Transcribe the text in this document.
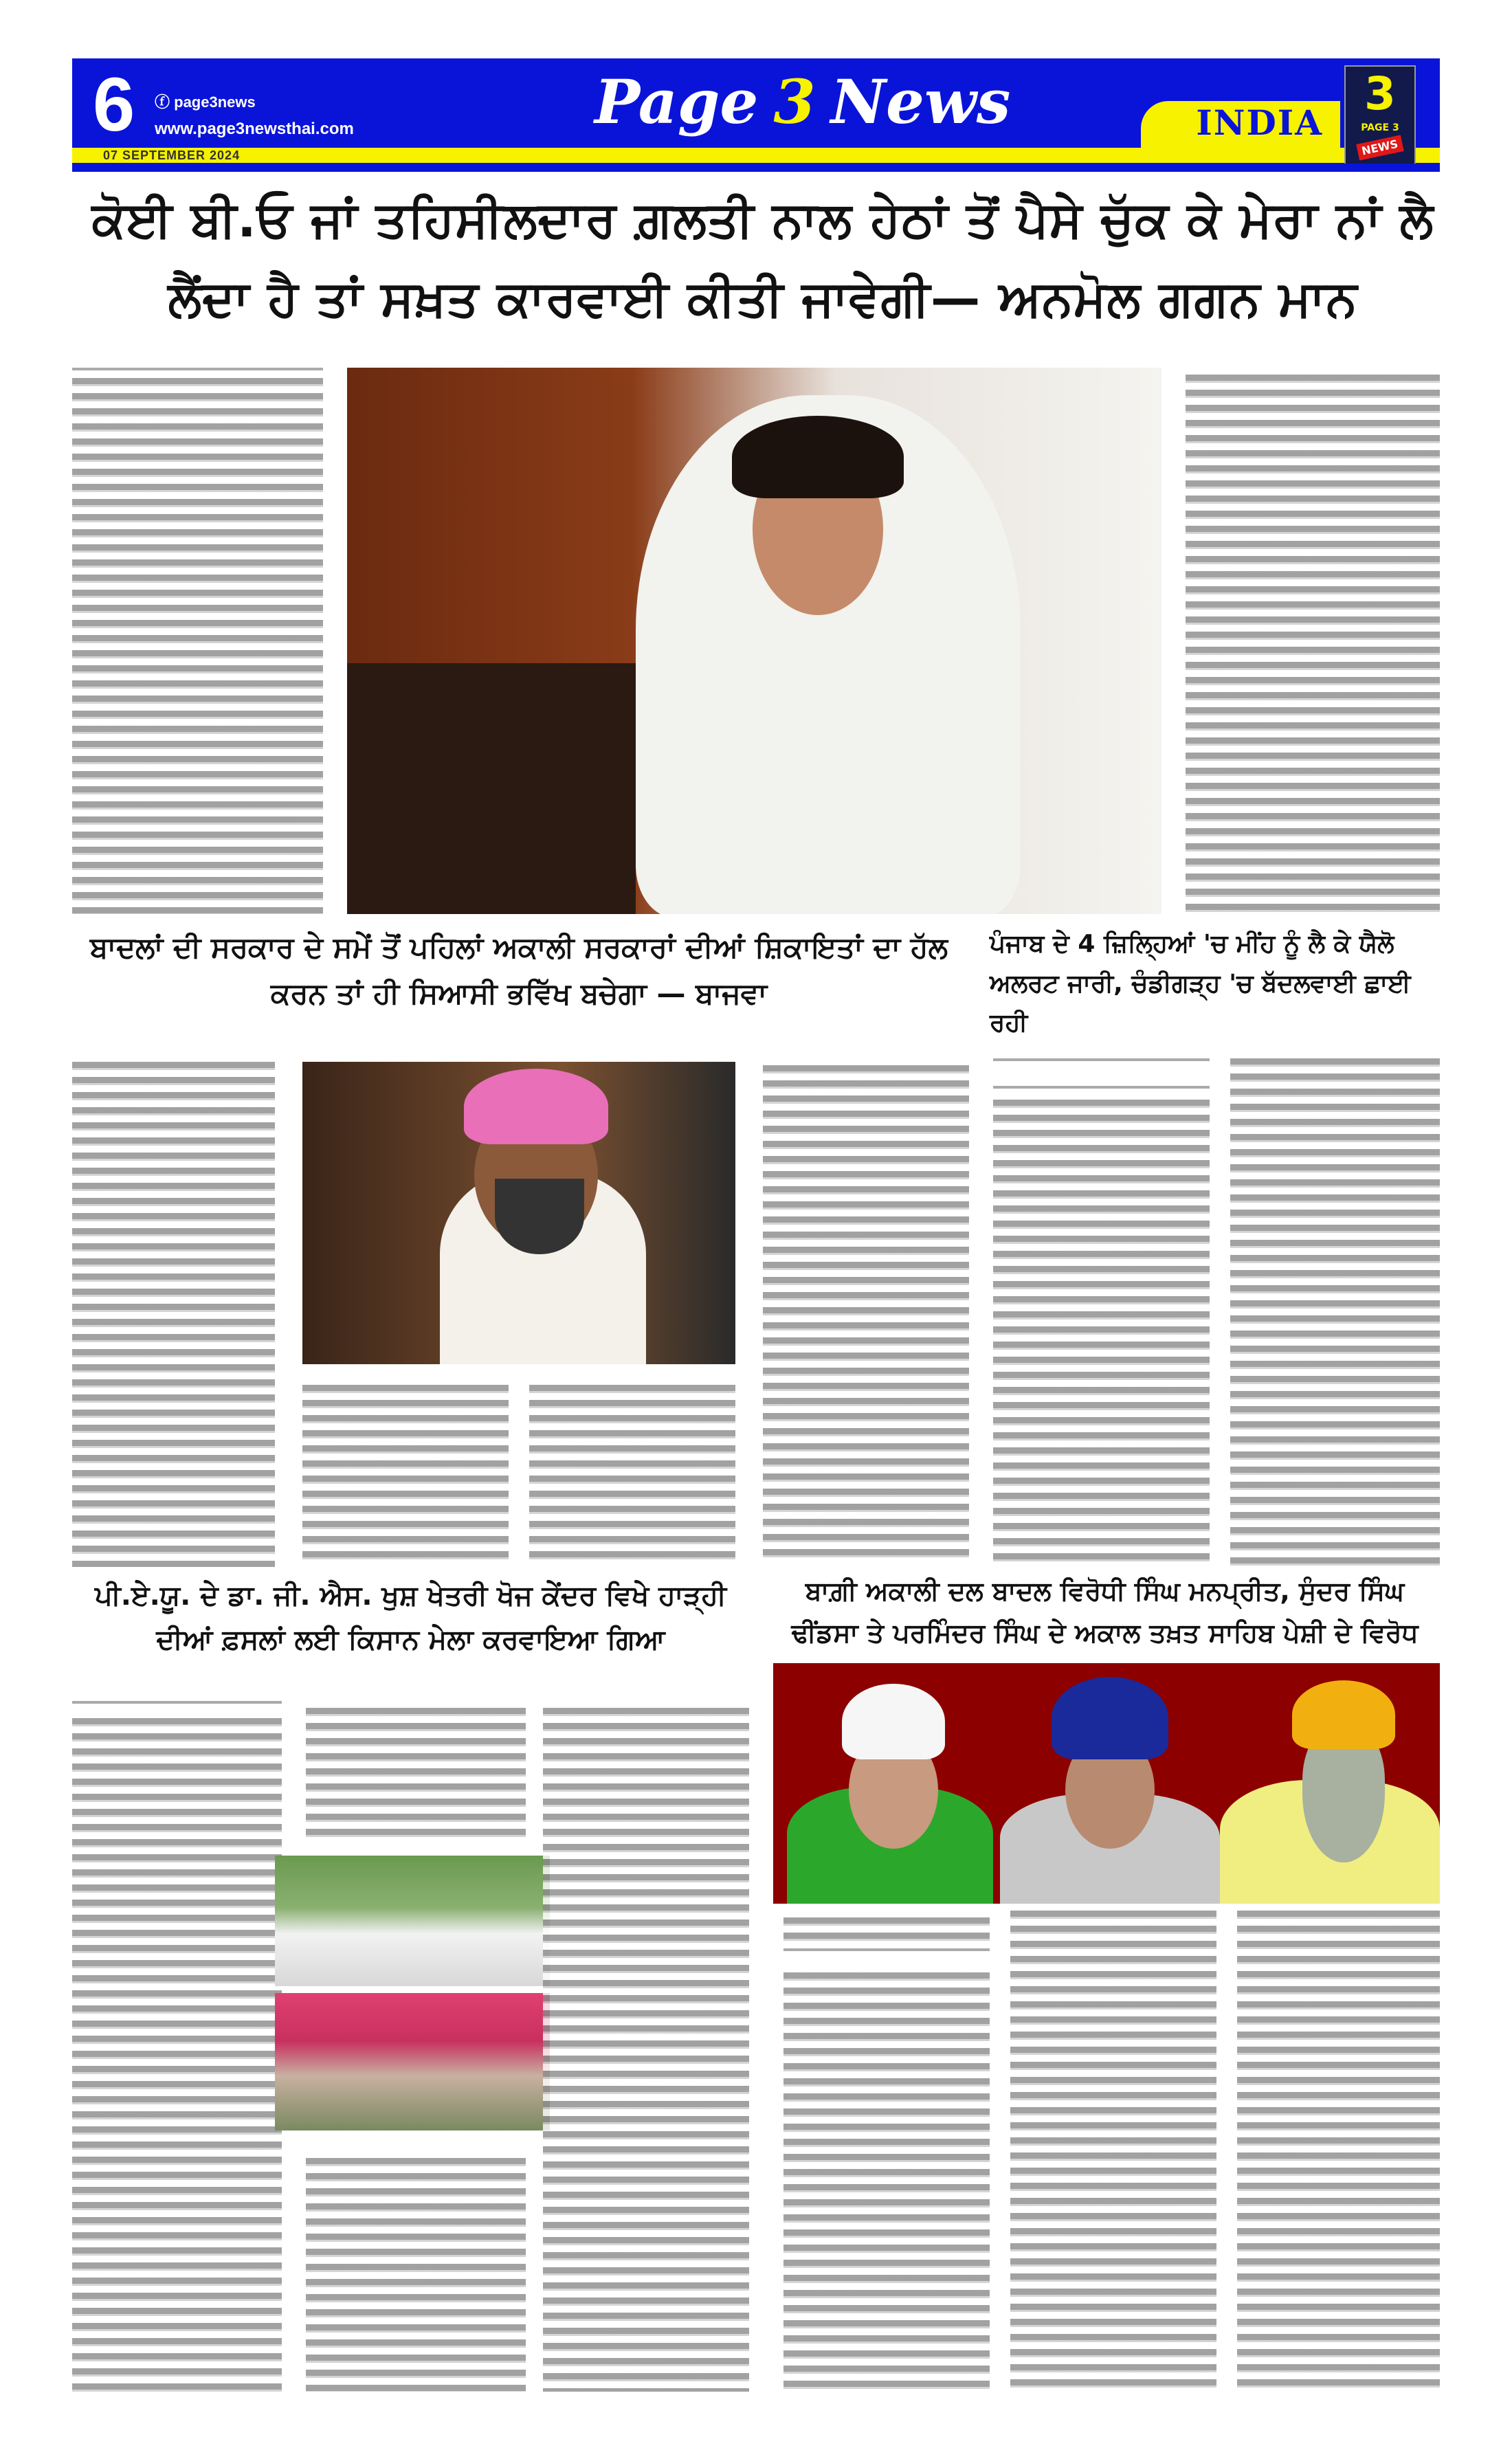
6 ⓕ page3news
www.page3newsthai.com
07 SEPTEMBER 2024
Page 3 News	INDIA
3
PAGE 3
NEWS
ਕੋਈ ਬੀ.ਓ ਜਾਂ ਤਹਿਸੀਲਦਾਰ ਗ਼ਲਤੀ ਨਾਲ ਹੇਠਾਂ ਤੋਂ ਪੈਸੇ ਚੁੱਕ ਕੇ ਮੇਰਾ ਨਾਂ ਲੈ ਲੈਂਦਾ ਹੈ ਤਾਂ ਸਖ਼ਤ ਕਾਰਵਾਈ ਕੀਤੀ ਜਾਵੇਗੀ— ਅਨਮੋਲ ਗਗਨ ਮਾਨ
ਬਾਦਲਾਂ ਦੀ ਸਰਕਾਰ ਦੇ ਸਮੇਂ ਤੋਂ ਪਹਿਲਾਂ ਅਕਾਲੀ ਸਰਕਾਰਾਂ ਦੀਆਂ ਸ਼ਿਕਾਇਤਾਂ ਦਾ ਹੱਲ ਕਰਨ ਤਾਂ ਹੀ ਸਿਆਸੀ ਭਵਿੱਖ ਬਚੇਗਾ — ਬਾਜਵਾ
ਪੰਜਾਬ ਦੇ 4 ਜ਼ਿਲ੍ਹਿਆਂ 'ਚ ਮੀਂਹ ਨੂੰ ਲੈ ਕੇ ਯੈਲੋ ਅਲਰਟ ਜਾਰੀ, ਚੰਡੀਗੜ੍ਹ 'ਚ ਬੱਦਲਵਾਈ ਛਾਈ ਰਹੀ
ਪੀ.ਏ.ਯੂ. ਦੇ ਡਾ. ਜੀ. ਐਸ. ਖੁਸ਼ ਖੇਤਰੀ ਖੋਜ ਕੇਂਦਰ ਵਿਖੇ ਹਾੜ੍ਹੀ ਦੀਆਂ ਫ਼ਸਲਾਂ ਲਈ ਕਿਸਾਨ ਮੇਲਾ ਕਰਵਾਇਆ ਗਿਆ
ਬਾਗ਼ੀ ਅਕਾਲੀ ਦਲ ਬਾਦਲ ਵਿਰੋਧੀ ਸਿੰਘ ਮਨਪ੍ਰੀਤ, ਸੁੰਦਰ ਸਿੰਘ ਢੀਂਡਸਾ ਤੇ ਪਰਮਿੰਦਰ ਸਿੰਘ ਦੇ ਅਕਾਲ ਤਖ਼ਤ ਸਾਹਿਬ ਪੇਸ਼ੀ ਦੇ ਵਿਰੋਧ
